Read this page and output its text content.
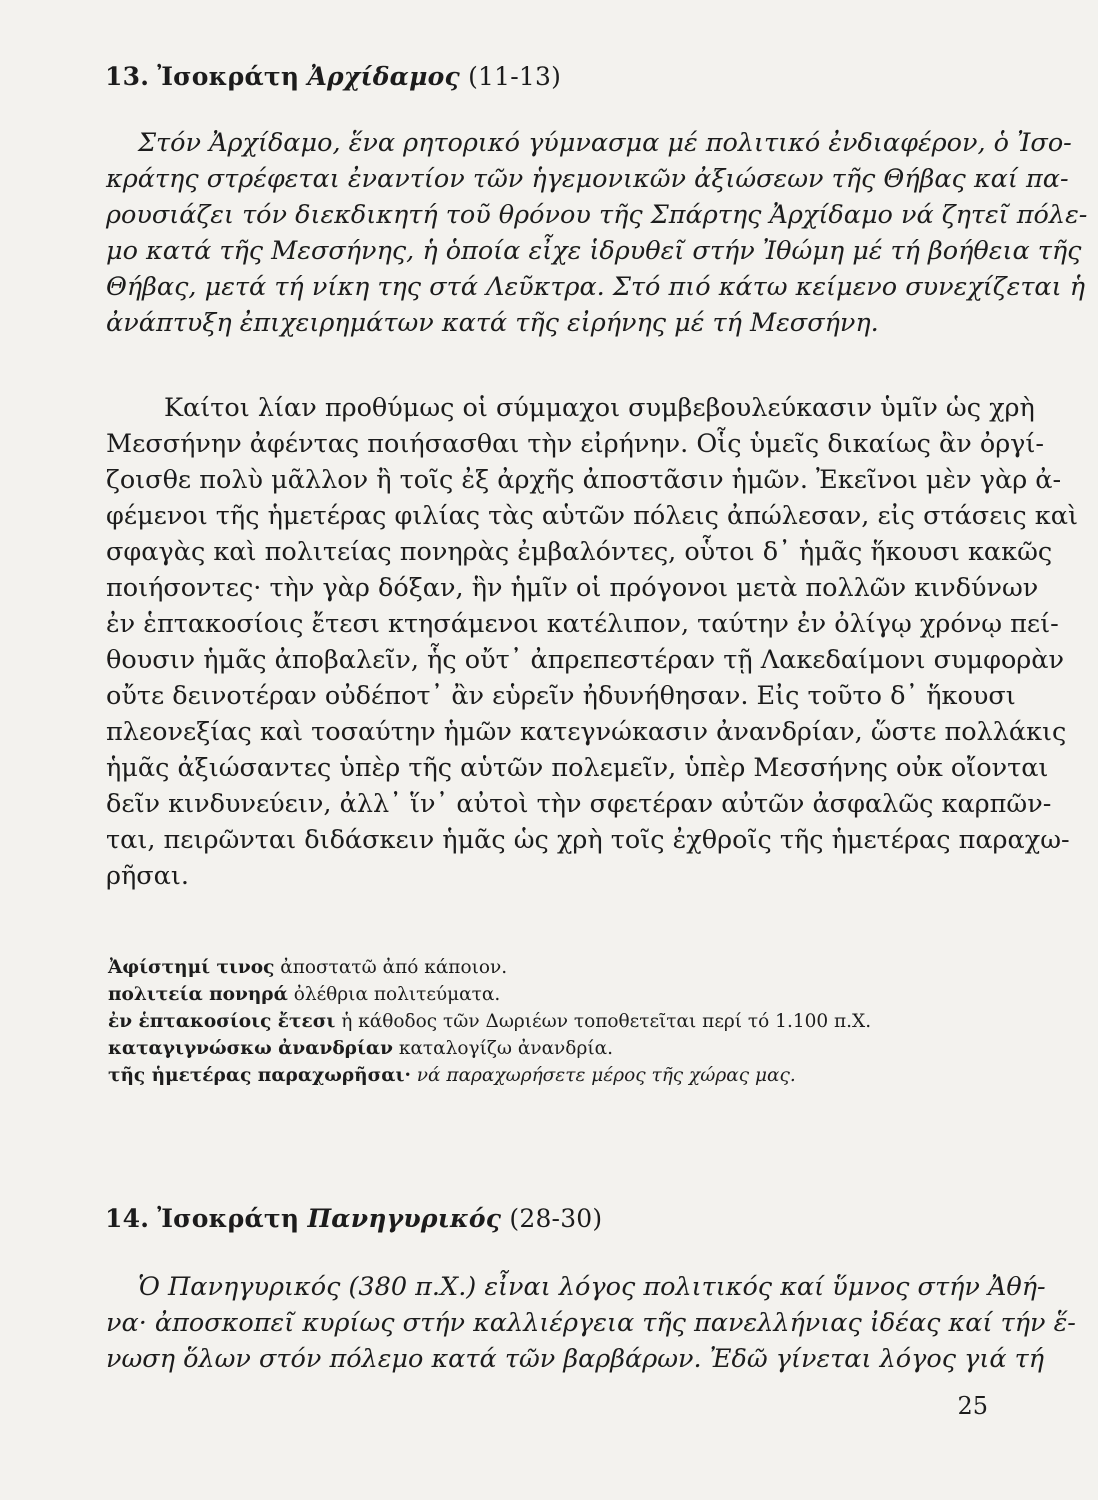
13. Ἰσοκράτη Ἀρχίδαμος (11-13)
Στόν Ἀρχίδαμο, ἕνα ρητορικό γύμνασμα μέ πολιτικό ἐνδιαφέρον, ὁ Ἰσο-
κράτης στρέφεται ἐναντίον τῶν ἡγεμονικῶν ἀξιώσεων τῆς Θήβας καί πα-
ρουσιάζει τόν διεκδικητή τοῦ θρόνου τῆς Σπάρτης Ἀρχίδαμο νά ζητεῖ πόλε-
μο κατά τῆς Μεσσήνης, ἡ ὁποία εἶχε ἱδρυθεῖ στήν Ἰθώμη μέ τή βοήθεια τῆς
Θήβας, μετά τή νίκη της στά Λεῦκτρα. Στό πιό κάτω κείμενο συνεχίζεται ἡ
ἀνάπτυξη ἐπιχειρημάτων κατά τῆς εἰρήνης μέ τή Μεσσήνη.
Καίτοι λίαν προθύμως οἱ σύμμαχοι συμβεβουλεύκασιν ὑμῖν ὡς χρὴ
Μεσσήνην ἀφέντας ποιήσασθαι τὴν εἰρήνην. Οἷς ὑμεῖς δικαίως ἂν ὀργί-
ζοισθε πολὺ μᾶλλον ἢ τοῖς ἐξ ἀρχῆς ἀποστᾶσιν ἡμῶν. Ἐκεῖνοι μὲν γὰρ ἀ-
φέμενοι τῆς ἡμετέρας φιλίας τὰς αὑτῶν πόλεις ἀπώλεσαν, εἰς στάσεις καὶ
σφαγὰς καὶ πολιτείας πονηρὰς ἐμβαλόντες, οὗτοι δ᾽ ἡμᾶς ἥκουσι κακῶς
ποιήσοντες· τὴν γὰρ δόξαν, ἣν ἡμῖν οἱ πρόγονοι μετὰ πολλῶν κινδύνων
ἐν ἑπτακοσίοις ἔτεσι κτησάμενοι κατέλιπον, ταύτην ἐν ὀλίγῳ χρόνῳ πεί-
θουσιν ἡμᾶς ἀποβαλεῖν, ἧς οὔτ᾽ ἀπρεπεστέραν τῇ Λακεδαίμονι συμφορὰν
οὔτε δεινοτέραν οὐδέποτ᾽ ἂν εὑρεῖν ἠδυνήθησαν. Εἰς τοῦτο δ᾽ ἥκουσι
πλεονεξίας καὶ τοσαύτην ἡμῶν κατεγνώκασιν ἀνανδρίαν, ὥστε πολλάκις
ἡμᾶς ἀξιώσαντες ὑπὲρ τῆς αὑτῶν πολεμεῖν, ὑπὲρ Μεσσήνης οὐκ οἴονται
δεῖν κινδυνεύειν, ἀλλ᾽ ἵν᾽ αὐτοὶ τὴν σφετέραν αὐτῶν ἀσφαλῶς καρπῶν-
ται, πειρῶνται διδάσκειν ἡμᾶς ὡς χρὴ τοῖς ἐχθροῖς τῆς ἡμετέρας παραχω-
ρῆσαι.
Ἀφίστημί τινος ἀποστατῶ ἀπό κάποιον.
πολιτεία πονηρά ὀλέθρια πολιτεύματα.
ἐν ἑπτακοσίοις ἔτεσι ἡ κάθοδος τῶν Δωριέων τοποθετεῖται περί τό 1.100 π.Χ.
καταγιγνώσκω ἀνανδρίαν καταλογίζω ἀνανδρία.
τῆς ἡμετέρας παραχωρῆσαι· νά παραχωρήσετε μέρος τῆς χώρας μας.
14. Ἰσοκράτη Πανηγυρικός (28-30)
Ὁ Πανηγυρικός (380 π.Χ.) εἶναι λόγος πολιτικός καί ὕμνος στήν Ἀθή-
να· ἀποσκοπεῖ κυρίως στήν καλλιέργεια τῆς πανελλήνιας ἰδέας καί τήν ἕ-
νωση ὅλων στόν πόλεμο κατά τῶν βαρβάρων. Ἐδῶ γίνεται λόγος γιά τή
25
